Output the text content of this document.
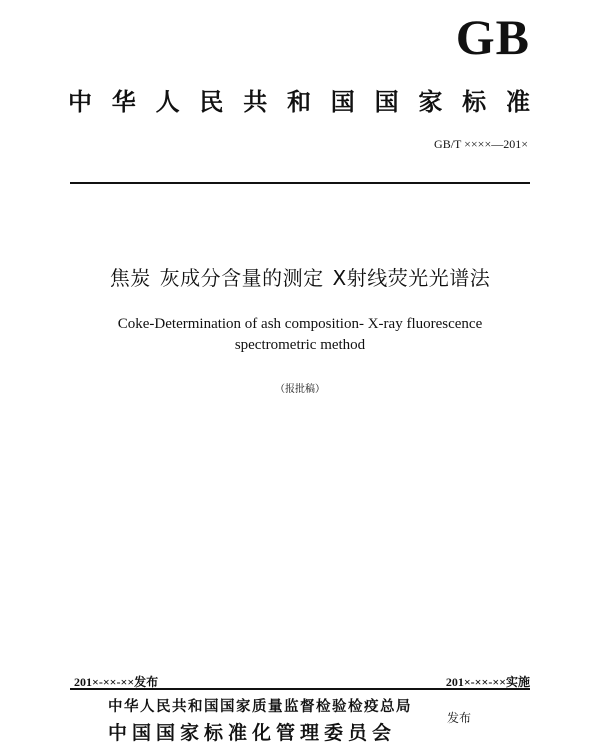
GB
中 华 人 民 共 和 国 国 家 标 准
GB/T ××××—201×
焦炭 灰成分含量的测定 X射线荧光光谱法
Coke-Determination of ash composition- X-ray fluorescence
spectrometric method
（报批稿）
201×-××-××发布	201×-××-××实施
中华人民共和国国家质量监督检验检疫总局
中国国家标准化管理委员会
发布
